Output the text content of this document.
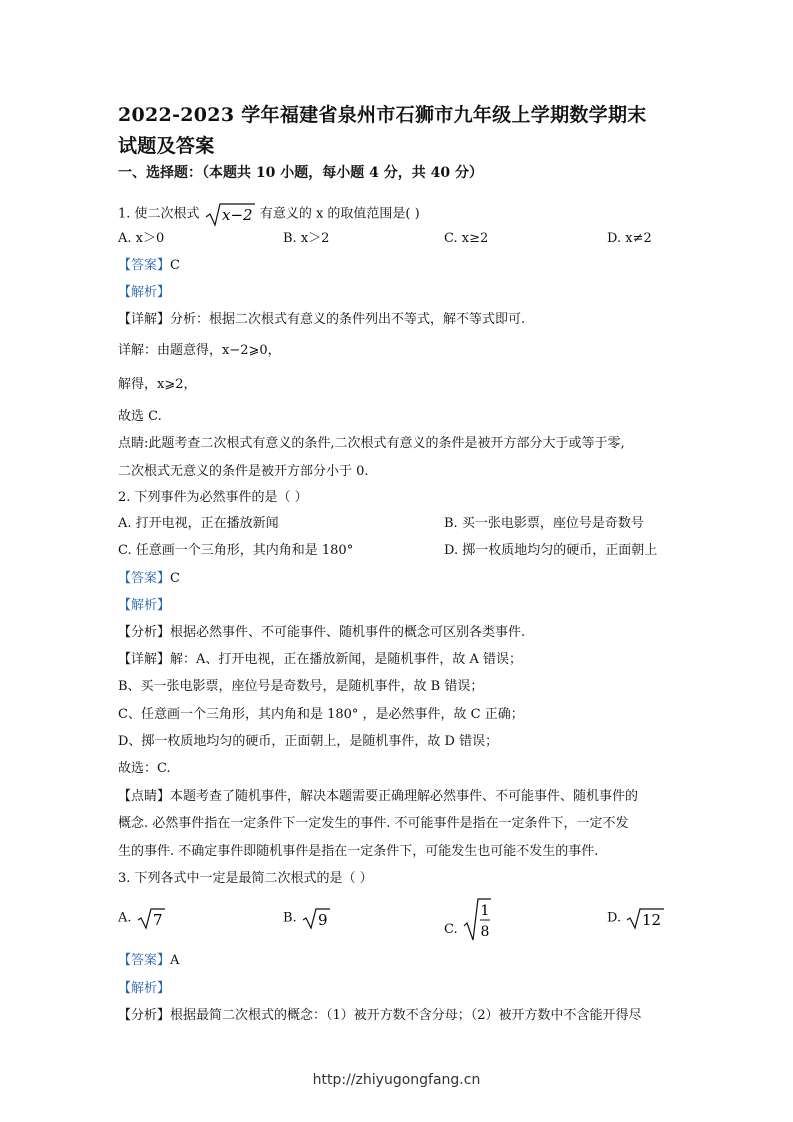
2022-2023 学年福建省泉州市石狮市九年级上学期数学期末
试题及答案
一、选择题：（本题共 10 小题，每小题 4 分，共 40 分）
1. 使二次根式 x−2 有意义的 x 的取值范围是( )
A. x＞0	B. x＞2	C. x≥2	D. x≠2
【答案】C
【解析】
【详解】分析：根据二次根式有意义的条件列出不等式，解不等式即可.
详解：由题意得，x−2⩾0，
解得，x⩾2，
故选 C.
点睛:此题考查二次根式有意义的条件,二次根式有意义的条件是被开方部分大于或等于零,
二次根式无意义的条件是被开方部分小于 0.
2. 下列事件为必然事件的是（ ）
A. 打开电视，正在播放新闻	B. 买一张电影票，座位号是奇数号
C. 任意画一个三角形，其内角和是 180°	D. 掷一枚质地均匀的硬币，正面朝上
【答案】C
【解析】
【分析】根据必然事件、不可能事件、随机事件的概念可区别各类事件.
【详解】解：A、打开电视，正在播放新闻，是随机事件，故 A 错误；
B、买一张电影票，座位号是奇数号，是随机事件，故 B 错误；
C、任意画一个三角形，其内角和是 180° ，是必然事件，故 C 正确；
D、掷一枚质地均匀的硬币，正面朝上，是随机事件，故 D 错误；
故选：C.
【点睛】本题考查了随机事件，解决本题需要正确理解必然事件、不可能事件、随机事件的
概念. 必然事件指在一定条件下一定发生的事件. 不可能事件是指在一定条件下，一定不发
生的事件. 不确定事件即随机事件是指在一定条件下，可能发生也可能不发生的事件.
3. 下列各式中一定是最简二次根式的是（ ）
A. 7	B. 9	C.
1
8
D. 12
【答案】A
【解析】
【分析】根据最简二次根式的概念：（1）被开方数不含分母；（2）被开方数中不含能开得尽
http://zhiyugongfang.cn
